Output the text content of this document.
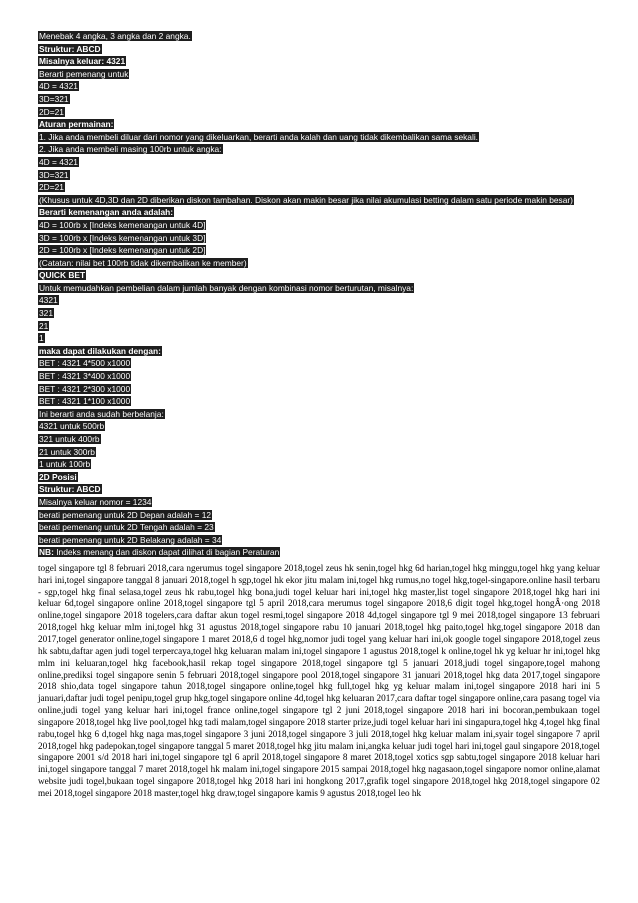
Menebak 4 angka, 3 angka dan 2 angka.
Struktur: ABCD
Misalnya keluar: 4321
Berarti pemenang untuk
4D = 4321
3D=321
2D=21
Aturan permainan:
1. Jika anda membeli diluar dari nomor yang dikeluarkan, berarti anda kalah dan uang tidak dikembalikan sama sekali.
2. Jika anda membeli masing 100rb untuk angka:
4D = 4321
3D=321
2D=21
(Khusus untuk 4D,3D dan 2D diberikan diskon tambahan. Diskon akan makin besar jika nilai akumulasi betting dalam satu periode makin besar)
Berarti kemenangan anda adalah:
4D = 100rb x [Indeks kemenangan untuk 4D]
3D = 100rb x [Indeks kemenangan untuk 3D]
2D = 100rb x [Indeks kemenangan untuk 2D]
(Catatan: nilai bet 100rb tidak dikembalikan ke member)
QUICK BET
Untuk memudahkan pembelian dalam jumlah banyak dengan kombinasi nomor berturutan, misalnya:
4321
321
21
1
maka dapat dilakukan dengan:
BET : 4321 4*500 x1000
BET : 4321 3*400 x1000
BET : 4321 2*300 x1000
BET : 4321 1*100 x1000
Ini berarti anda sudah berbelanja:
4321 untuk 500rb
321 untuk 400rb
21 untuk 300rb
1 untuk 100rb
2D Posisi
Struktur: ABCD
Misalnya keluar nomor = 1234
berati pemenang untuk 2D Depan adalah = 12
berati pemenang untuk 2D Tengah adalah = 23
berati pemenang untuk 2D Belakang adalah = 34
NB: Indeks menang dan diskon dapat dilihat di bagian Peraturan
togel singapore tgl 8 februari 2018,cara ngerumus togel singapore 2018,togel zeus hk senin,togel hkg 6d harian,togel hkg minggu,togel hkg yang keluar hari ini,togel singapore tanggal 8 januari 2018,togel h sgp,togel hk ekor jitu malam ini,togel hkg rumus,no togel hkg,togel-singapore.online hasil terbaru - sgp,togel hkg final selasa,togel zeus hk rabu,togel hkg bona,judi togel keluar hari ini,togel hkg master,list togel singapore 2018,togel hkg hari ini keluar 6d,togel singapore online 2018,togel singapore tgl 5 april 2018,cara merumus togel singapore 2018,6 digit togel hkg,togel hongÂ·ong 2018 online,togel singapore 2018 togelers,cara daftar akun togel resmi,togel singapore 2018 4d,togel singapore tgl 9 mei 2018,togel singapore 13 februari 2018,togel hkg keluar mlm ini,togel hkg 31 agustus 2018,togel singapore rabu 10 januari 2018,togel hkg paito,togel hkg,togel singapore 2018 dan 2017,togel generator online,togel singapore 1 maret 2018,6 d togel hkg,nomor judi togel yang keluar hari ini,ok google togel singapore 2018,togel zeus hk sabtu,daftar agen judi togel terpercaya,togel hkg keluaran malam ini,togel singapore 1 agustus 2018,togel k online,togel hk yg keluar hr ini,togel hkg mlm ini keluaran,togel hkg facebook,hasil rekap togel singapore 2018,togel singapore tgl 5 januari 2018,judi togel singapore,togel mahong online,prediksi togel singapore senin 5 februari 2018,togel singapore pool 2018,togel singapore 31 januari 2018,togel hkg data 2017,togel singapore 2018 shio,data togel singapore tahun 2018,togel singapore online,togel hkg full,togel hkg yg keluar malam ini,togel singapore 2018 hari ini 5 januari,daftar judi togel penipu,togel grup hkg,togel singapore online 4d,togel hkg keluaran 2017,cara daftar togel singapore online,cara pasang togel via online,judi togel yang keluar hari ini,togel france online,togel singapore tgl 2 juni 2018,togel singapore 2018 hari ini bocoran,pembukaan togel singapore 2018,togel hkg live pool,togel hkg tadi malam,togel singapore 2018 starter prize,judi togel keluar hari ini singapura,togel hkg 4,togel hkg final rabu,togel hkg 6 d,togel hkg naga mas,togel singapore 3 juni 2018,togel singapore 3 juli 2018,togel hkg keluar malam ini,syair togel singapore 7 april 2018,togel hkg padepokan,togel singapore tanggal 5 maret 2018,togel hkg jitu malam ini,angka keluar judi togel hari ini,togel gaul singapore 2018,togel singapore 2001 s/d 2018 hari ini,togel singapore tgl 6 april 2018,togel singapore 8 maret 2018,togel xotics sgp sabtu,togel singapore 2018 keluar hari ini,togel singapore tanggal 7 maret 2018,togel hk malam ini,togel singapore 2015 sampai 2018,togel hkg nagasaon,togel singapore nomor online,alamat website judi togel,bukaan togel singapore 2018,togel hkg 2018 hari ini hongkong 2017,grafik togel singapore 2018,togel hkg 2018,togel singapore 02 mei 2018,togel singapore 2018 master,togel hkg draw,togel singapore kamis 9 agustus 2018,togel leo hk
